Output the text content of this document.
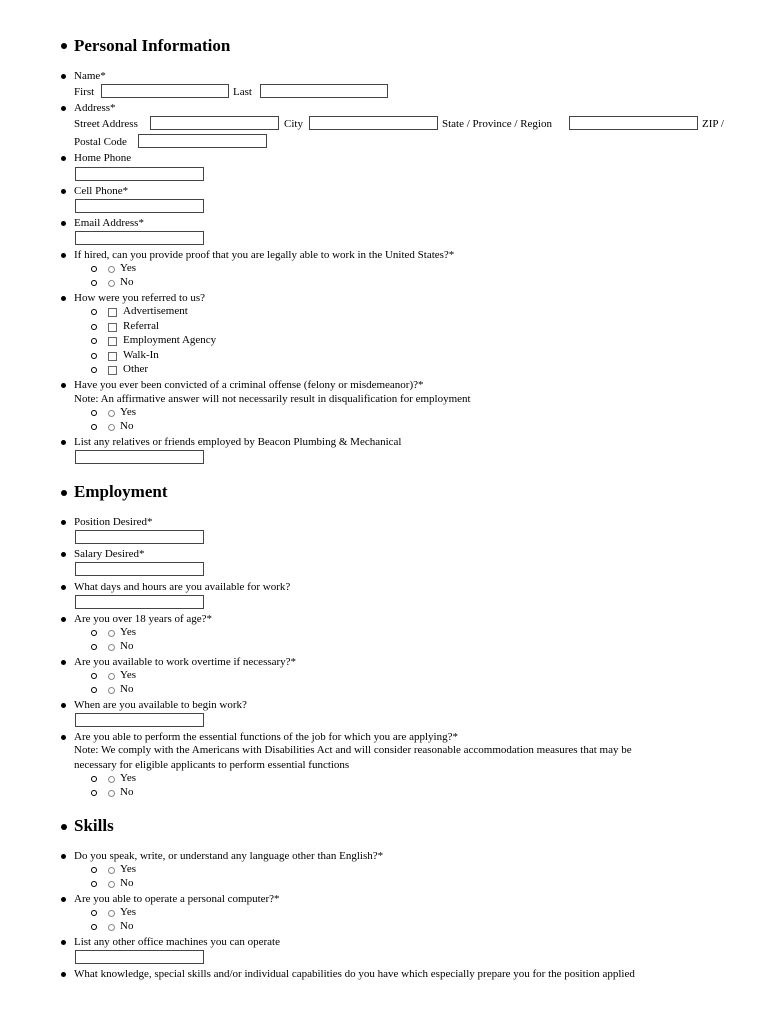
Personal Information
Name*
First	Last
Address*
Street Address	City	State / Province / Region	ZIP /
Postal Code
Home Phone
Cell Phone*
Email Address*
If hired, can you provide proof that you are legally able to work in the United States?*
Yes
No
How were you referred to us?
Advertisement
Referral
Employment Agency
Walk-In
Other
Have you ever been convicted of a criminal offense (felony or misdemeanor)?*
Note: An affirmative answer will not necessarily result in disqualification for employment
Yes
No
List any relatives or friends employed by Beacon Plumbing & Mechanical
Employment
Position Desired*
Salary Desired*
What days and hours are you available for work?
Are you over 18 years of age?*
Yes
No
Are you available to work overtime if necessary?*
Yes
No
When are you available to begin work?
Are you able to perform the essential functions of the job for which you are applying?*
Note: We comply with the Americans with Disabilities Act and will consider reasonable accommodation measures that may be
necessary for eligible applicants to perform essential functions
Yes
No
Skills
Do you speak, write, or understand any language other than English?*
Yes
No
Are you able to operate a personal computer?*
Yes
No
List any other office machines you can operate
What knowledge, special skills and/or individual capabilities do you have which especially prepare you for the position applied
